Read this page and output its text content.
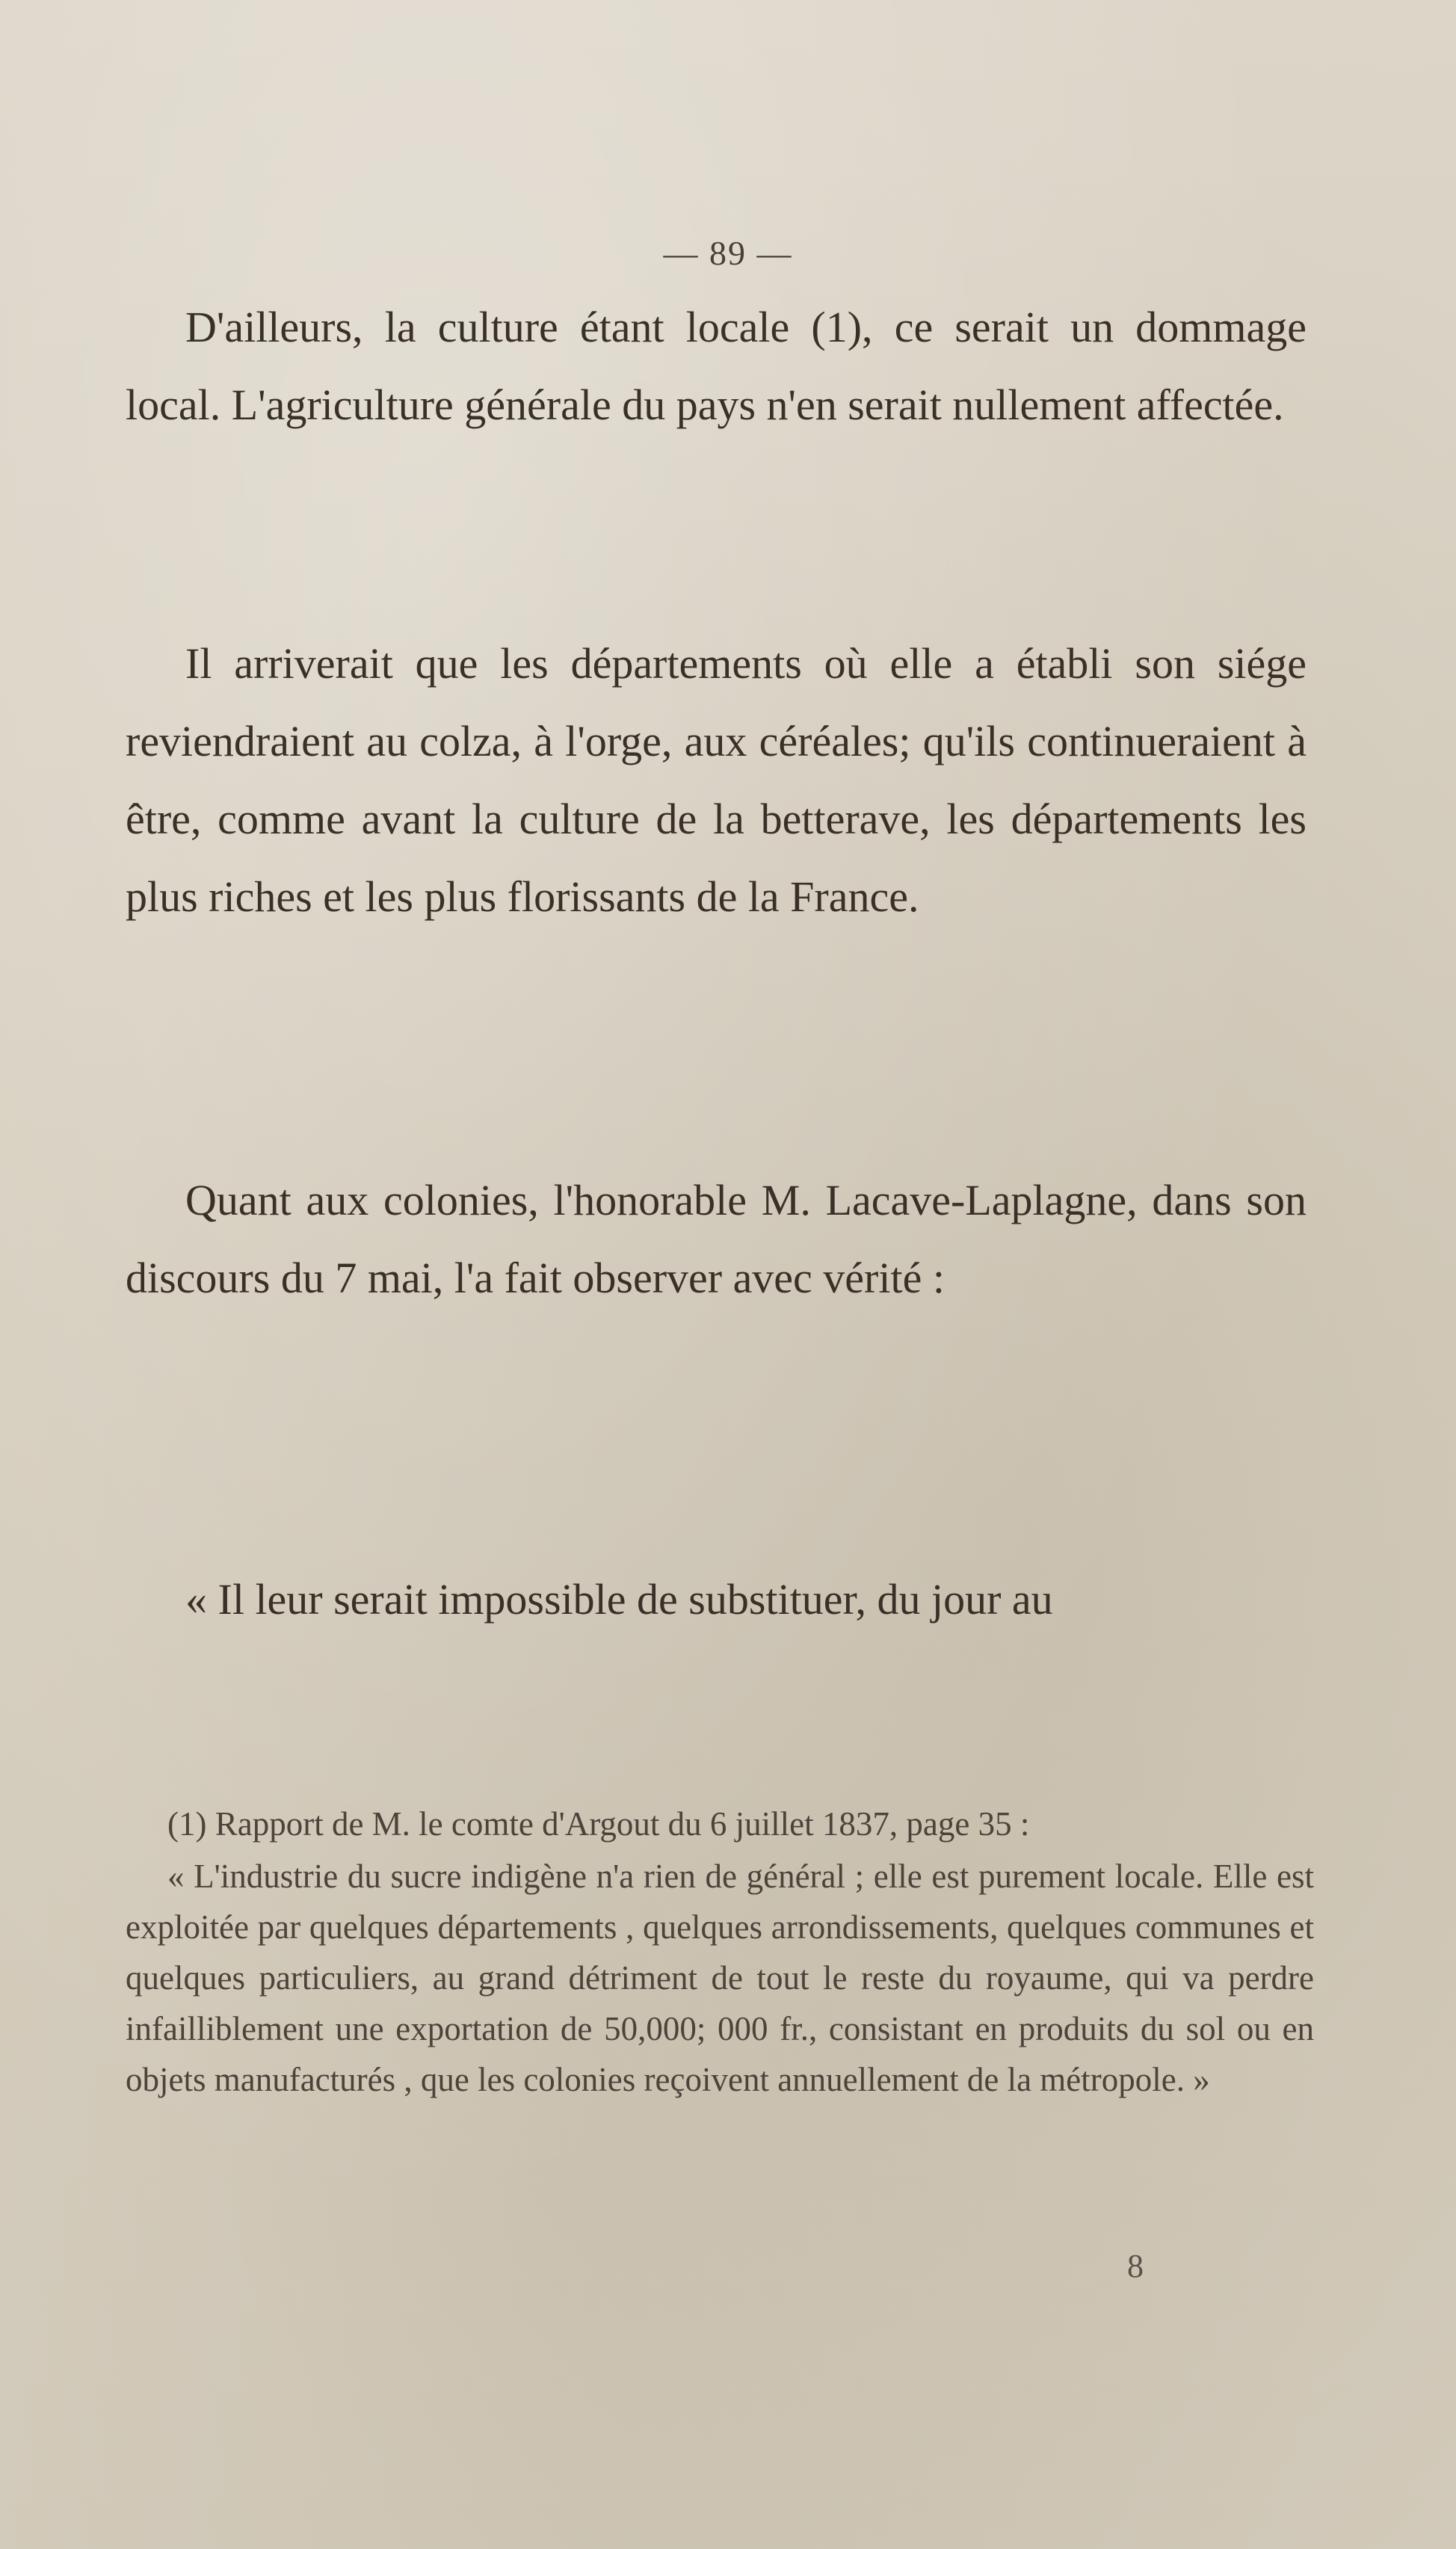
— 89 —

D'ailleurs, la culture étant locale (1), ce serait un dommage local. L'agriculture générale du pays n'en serait nullement affectée.

Il arriverait que les départements où elle a établi son siége reviendraient au colza, à l'orge, aux céréales; qu'ils continueraient à être, comme avant la culture de la betterave, les départements les plus riches et les plus florissants de la France.

Quant aux colonies, l'honorable M. Lacave-Laplagne, dans son discours du 7 mai, l'a fait observer avec vérité :

« Il leur serait impossible de substituer, du jour au

(1) Rapport de M. le comte d'Argout du 6 juillet 1837, page 35 :
« L'industrie du sucre indigène n'a rien de général ; elle est purement locale. Elle est exploitée par quelques départements , quelques arrondissements, quelques communes et quelques particuliers, au grand détriment de tout le reste du royaume, qui va perdre infailliblement une exportation de 50,000; 000 fr., consistant en produits du sol ou en objets manufacturés , que les colonies reçoivent annuellement de la métropole. »
8
